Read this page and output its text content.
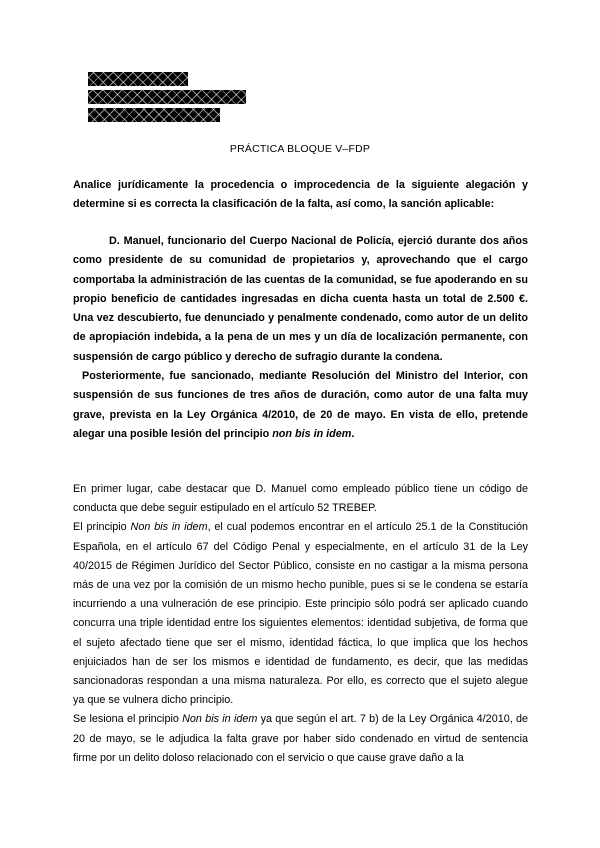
PRÁCTICA BLOQUE V–FDP

Analice jurídicamente la procedencia o improcedencia de la siguiente alegación y determine si es correcta la clasificación de la falta, así como, la sanción aplicable:

D. Manuel, funcionario del Cuerpo Nacional de Policía, ejerció durante dos años como presidente de su comunidad de propietarios y, aprovechando que el cargo comportaba la administración de las cuentas de la comunidad, se fue apoderando en su propio beneficio de cantidades ingresadas en dicha cuenta hasta un total de 2.500 €. Una vez descubierto, fue denunciado y penalmente condenado, como autor de un delito de apropiación indebida, a la pena de un mes y un día de localización permanente, con suspensión de cargo público y derecho de sufragio durante la condena.

Posteriormente, fue sancionado, mediante Resolución del Ministro del Interior, con suspensión de sus funciones de tres años de duración, como autor de una falta muy grave, prevista en la Ley Orgánica 4/2010, de 20 de mayo. En vista de ello, pretende alegar una posible lesión del principio non bis in idem.

En primer lugar, cabe destacar que D. Manuel como empleado público tiene un código de conducta que debe seguir estipulado en el artículo 52 TREBEP.

El principio Non bis in idem, el cual podemos encontrar en el artículo 25.1 de la Constitución Española, en el artículo 67 del Código Penal y especialmente, en el artículo 31 de la Ley 40/2015 de Régimen Jurídico del Sector Público, consiste en no castigar a la misma persona más de una vez por la comisión de un mismo hecho punible, pues si se le condena se estaría incurriendo a una vulneración de ese principio. Este principio sólo podrá ser aplicado cuando concurra una triple identidad entre los siguientes elementos: identidad subjetiva, de forma que el sujeto afectado tiene que ser el mismo, identidad fáctica, lo que implica que los hechos enjuiciados han de ser los mismos e identidad de fundamento, es decir, que las medidas sancionadoras respondan a una misma naturaleza. Por ello, es correcto que el sujeto alegue ya que se vulnera dicho principio.

Se lesiona el principio Non bis in idem ya que según el art. 7 b) de la Ley Orgánica 4/2010, de 20 de mayo, se le adjudica la falta grave por haber sido condenado en virtud de sentencia firme por un delito doloso relacionado con el servicio o que cause grave daño a la
